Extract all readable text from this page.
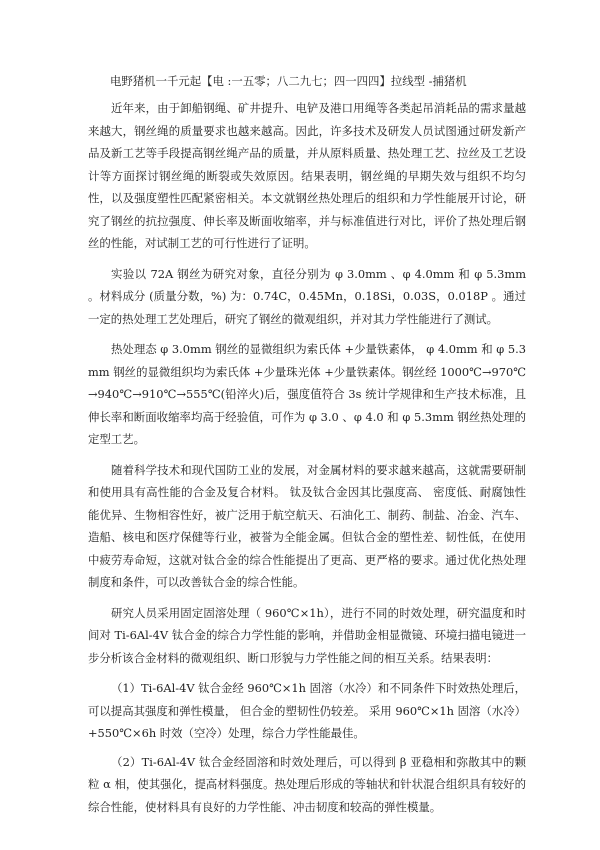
电野猪机一千元起【电 :一五零；八二九七；四一四四】拉线型 -捕猪机

近年来，由于卸船钢绳、矿井提升、电铲及港口用绳等各类起吊消耗品的需求量越来越大，钢丝绳的质量要求也越来越高。因此，许多技术及研发人员试图通过研发新产品及新工艺等手段提高钢丝绳产品的质量，并从原料质量、热处理工艺、拉丝及工艺设计等方面探讨钢丝绳的断裂或失效原因。结果表明，钢丝绳的早期失效与组织不均匀性，以及强度塑性匹配紧密相关。本文就钢丝热处理后的组织和力学性能展开讨论，研究了钢丝的抗拉强度、伸长率及断面收缩率，并与标准值进行对比，评价了热处理后钢丝的性能，对试制工艺的可行性进行了证明。

实验以 72A 钢丝为研究对象，直径分别为 φ 3.0mm 、φ 4.0mm 和 φ 5.3mm 。材料成分 (质量分数，%) 为：0.74C，0.45Mn，0.18Si，0.03S，0.018P 。通过一定的热处理工艺处理后，研究了钢丝的微观组织，并对其力学性能进行了测试。

热处理态 φ 3.0mm 钢丝的显微组织为索氏体 +少量铁素体， φ 4.0mm 和 φ 5.3mm 钢丝的显微组织均为索氏体 +少量珠光体 +少量铁素体。钢丝经 1000℃→970℃→940℃→910℃→555℃(铅淬火)后，强度值符合 3s 统计学规律和生产技术标准，且伸长率和断面收缩率均高于经验值，可作为 φ 3.0 、φ 4.0 和 φ 5.3mm 钢丝热处理的定型工艺。

随着科学技术和现代国防工业的发展，对金属材料的要求越来越高，这就需要研制和使用具有高性能的合金及复合材料。 钛及钛合金因其比强度高、 密度低、耐腐蚀性能优异、生物相容性好，被广泛用于航空航天、石油化工、制药、制盐、冶金、汽车、造船、核电和医疗保健等行业，被誉为全能金属。但钛合金的塑性差、韧性低，在使用中疲劳寿命短，这就对钛合金的综合性能提出了更高、更严格的要求。通过优化热处理制度和条件，可以改善钛合金的综合性能。

研究人员采用固定固溶处理（ 960℃×1h），进行不同的时效处理，研究温度和时间对 Ti-6Al-4V 钛合金的综合力学性能的影响，并借助金相显微镜、环境扫描电镜进一步分析该合金材料的微观组织、断口形貌与力学性能之间的相互关系。结果表明：

（1）Ti-6Al-4V 钛合金经 960℃×1h 固溶（水冷）和不同条件下时效热处理后，可以提高其强度和弹性模量， 但合金的塑韧性仍较差。 采用 960℃×1h 固溶（水冷）+550℃×6h 时效（空冷）处理，综合力学性能最佳。

（2）Ti-6Al-4V 钛合金经固溶和时效处理后，可以得到 β 亚稳相和弥散其中的颗粒 α 相，使其强化，提高材料强度。热处理后形成的等轴状和针状混合组织具有较好的综合性能，使材料具有良好的力学性能、冲击韧度和较高的弹性模量。
